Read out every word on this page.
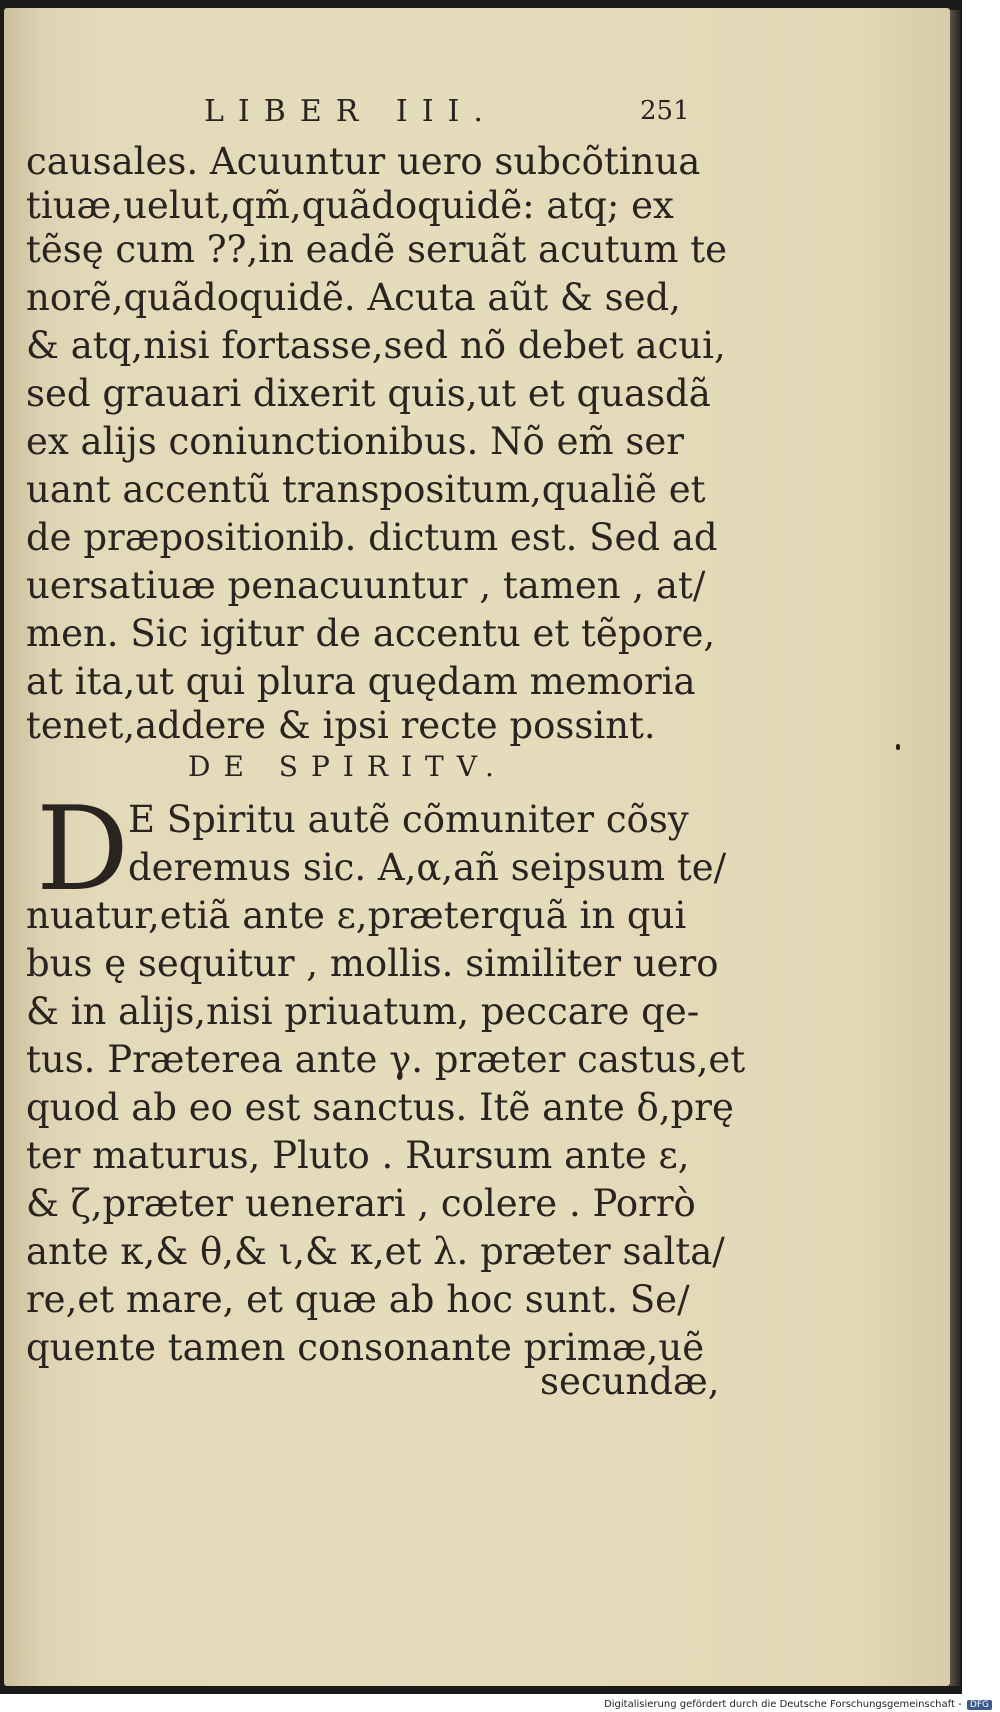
LIBER III.	251
causales. Acuuntur uero subcõtinua
tiuæ,uelut,qm̃,quãdoquidẽ: atq; ex
tẽsę cum ??,in eadẽ seruãt acutum te
norẽ,quãdoquidẽ. Acuta aũt & sed,
& atq,nisi fortasse,sed nõ debet acui,
sed grauari dixerit quis,ut et quasdã
ex alijs coniunctionibus. Nõ em̃ ser
uant accentũ transpositum,qualiẽ et
de præpositionib. dictum est. Sed ad
uersatiuæ penacuuntur , tamen , at/
men. Sic igitur de accentu et tẽpore,
at ita,ut qui plura quędam memoria
tenet,addere & ipsi recte possint.
DE SPIRITV.
D
E Spiritu autẽ cõmuniter cõsy
deremus sic. A,α,añ seipsum te/
nuatur,etiã ante ε,præterquã in qui
bus ę sequitur , mollis. similiter uero
& in alijs,nisi priuatum, peccare qe-
tus. Præterea ante γ. præter castus,et
quod ab eo est sanctus. Itẽ ante δ,prę
ter maturus, Pluto . Rursum ante ε,
& ζ,præter uenerari , colere . Porrò
ante κ,& θ,& ι,& κ,et λ. præter salta/
re,et mare, et quæ ab hoc sunt. Se/
quente tamen consonante primæ,uẽ
secundæ,
Digitalisierung gefördert durch die Deutsche Forschungsgemeinschaft - DFG
